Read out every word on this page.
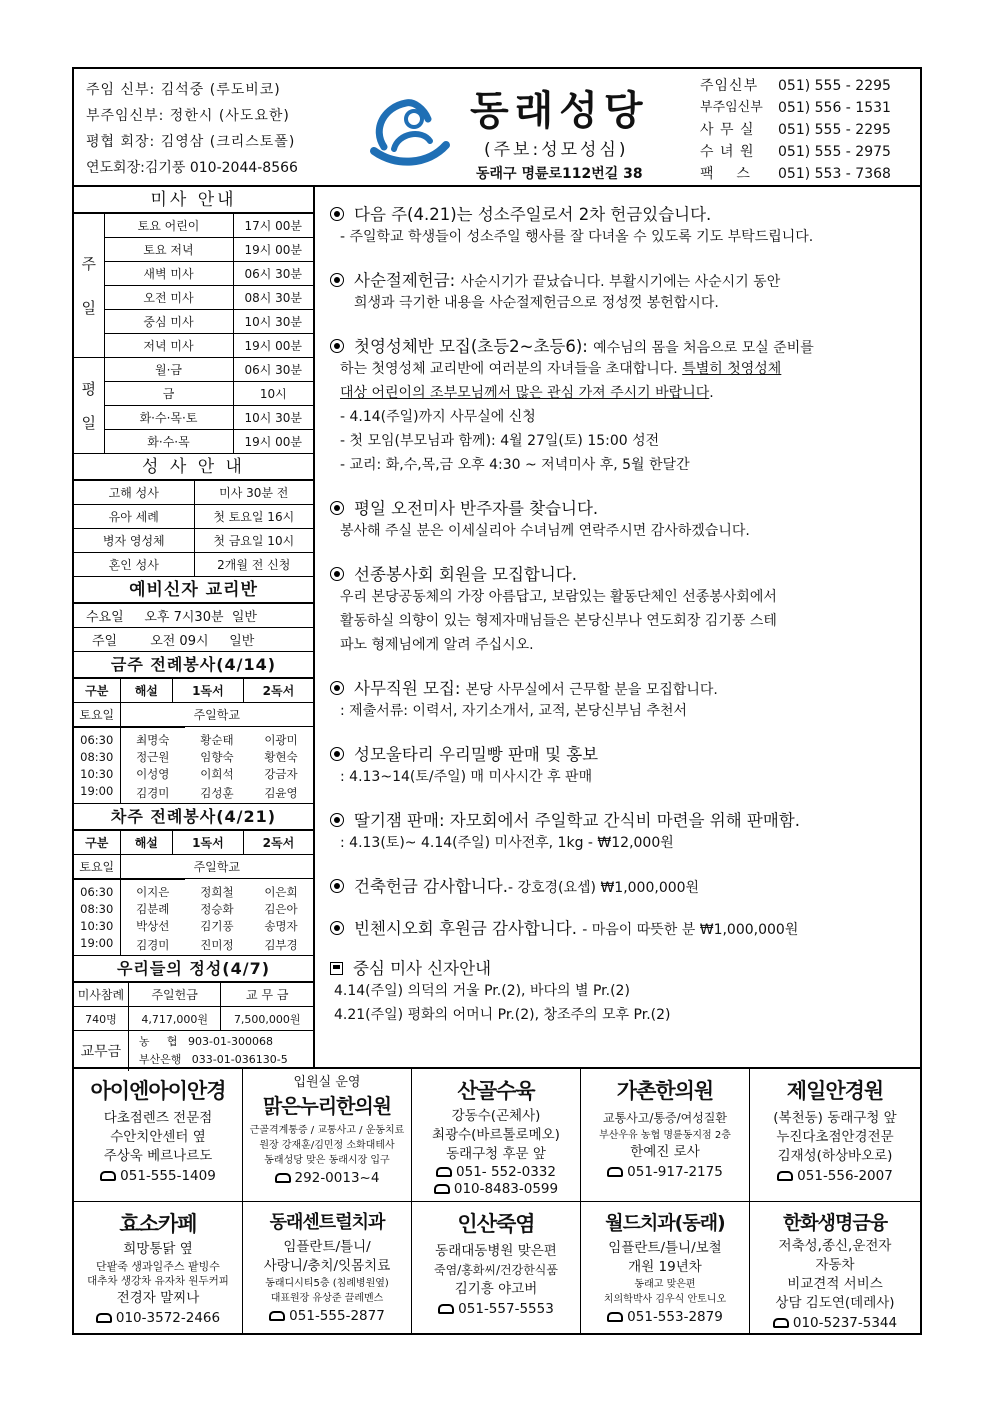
주임 신부: 김석중 (루도비코)
부주임신부: 정한시 (사도요한)
평협 회장: 김영삼 (크리스토폴)
연도회장:김기풍 010-2044-8566
동래성당
(주보:성모성심)
동래구 명륜로112번길 38
주임신부	051) 555 - 2295
부주임신부	051) 556 - 1531
사 무 실	051) 555 - 2295
수 녀 원	051) 555 - 2975
팩    스	051) 553 - 7368
미사 안내
주
일	토요 어린이	17시 00분
	토요 저녁	19시 00분
	새벽 미사	06시 30분
	오전 미사	08시 30분
	중심 미사	10시 30분
	저녁 미사	19시 00분

평
일	월·금	06시 30분
	금	10시
	화·수·목·토	10시 30분
	화·수·목	19시 00분
성 사 안 내
고해 성사	미사 30분 전
유아 세례	첫 토요일 16시
병자 영성체	첫 금요일 10시
혼인 성사	2개월 전 신청
예비신자 교리반
수요일 오후 7시30분 일반
주일	오전 09시 일반
금주 전례봉사(4/14)
구분	해설	1독서	2독서
토요일	주일학교		
06:30	최명숙	황순태	이광미
08:30	정근원	임향숙	황현숙
10:30	이성영	이희석	강금자
19:00	김경미	김성훈	김윤영
차주 전례봉사(4/21)
구분	해설	1독서	2독서
토요일	주일학교		
06:30	이지은	정희철	이은희
08:30	김분례	정승화	김은아
10:30	박상선	김기풍	송명자
19:00	김경미	진미정	김부경
우리들의 정성(4/7)
미사참례	주일헌금	교 무 금
740명	4,717,000원	7,500,000원
교무금	농     협   903-01-300068
부산은행   033-01-036130-5	
다음 주(4.21)는 성소주일로서 2차 헌금있습니다.
- 주일학교 학생들이 성소주일 행사를 잘 다녀올 수 있도록 기도 부탁드립니다.
사순절제헌금: 사순시기가 끝났습니다. 부활시기에는 사순시기 동안
희생과 극기한 내용을 사순절제헌금으로 정성껏 봉헌합시다.
첫영성체반 모집(초등2~초등6): 예수님의 몸을 처음으로 모실 준비를
하는 첫영성체 교리반에 여러분의 자녀들을 초대합니다. 특별히 첫영성체
대상 어린이의 조부모님께서 많은 관심 가져 주시기 바랍니다.
- 4.14(주일)까지 사무실에 신청
- 첫 모임(부모님과 함께): 4월 27일(토) 15:00 성전
- 교리: 화,수,목,금 오후 4:30 ~ 저녁미사 후, 5월 한달간
평일 오전미사 반주자를 찾습니다.
봉사해 주실 분은 이세실리아 수녀님께 연락주시면 감사하겠습니다.
선종봉사회 회원을 모집합니다.
우리 본당공동체의 가장 아름답고, 보람있는 활동단체인 선종봉사회에서
활동하실 의향이 있는 형제자매님들은 본당신부나 연도회장 김기풍 스테
파노 형제님에게 알려 주십시오.
사무직원 모집: 본당 사무실에서 근무할 분을 모집합니다.
: 제출서류: 이력서, 자기소개서, 교적, 본당신부님 추천서
성모울타리 우리밀빵 판매 및 홍보
: 4.13~14(토/주일) 매 미사시간 후 판매
딸기잼 판매: 자모회에서 주일학교 간식비 마련을 위해 판매함.
: 4.13(토)~ 4.14(주일) 미사전후, 1kg - ₩12,000원
건축헌금 감사합니다.- 강호경(요셉) ₩1,000,000원
빈첸시오회 후원금 감사합니다. - 마음이 따뜻한 분 ₩1,000,000원
중심 미사 신자안내
4.14(주일) 의덕의 거울 Pr.(2), 바다의 별 Pr.(2)
4.21(주일) 평화의 어머니 Pr.(2), 창조주의 모후 Pr.(2)
아이엔아이안경
다초점렌즈 전문점
수안치안센터 옆
주상욱 베르나르도
051-555-1409
입원실 운영
맑은누리한의원
근골격계통증 / 교통사고 / 운동치료
원장 강재훈/김민정 소화대테사
동래성당 맞은 동래시장 입구
292-0013~4
산골수육
강동수(곤체사)
최광수(바르톨로메오)
동래구청 후문 앞
051- 552-0332
010-8483-0599
가촌한의원
교통사고/통증/여성질환
부산우유 농협 명륜동지점 2층
한예진 로사
051-917-2175
제일안경원
(복천동) 동래구청 앞
누진다초점안경전문
김재성(하상바오로)
051-556-2007
효소카페
희망통닭 옆
단팥죽 생과일주스 팥빙수
대추차 생강차 유자차 원두커피
전경자 말찌나
010-3572-2466
동래센트럴치과
임플란트/틀니/
사랑니/충치/잇몸치료
동래디시티5층 (침례병원옆)
대표원장 유상준 끌레멘스
051-555-2877
인산죽염
동래대동병원 맞은편
죽염/홍화씨/건강한식품
김기흥 야고버
051-557-5553
월드치과(동래)
임플란트/틀니/보철
개원 19년차
동래고 맞은편
치의학박사 김우식 안토니오
051-553-2879
한화생명금융
저축성,종신,운전자
자동차
비교견적 서비스
상담 김도연(데레사)
010-5237-5344
